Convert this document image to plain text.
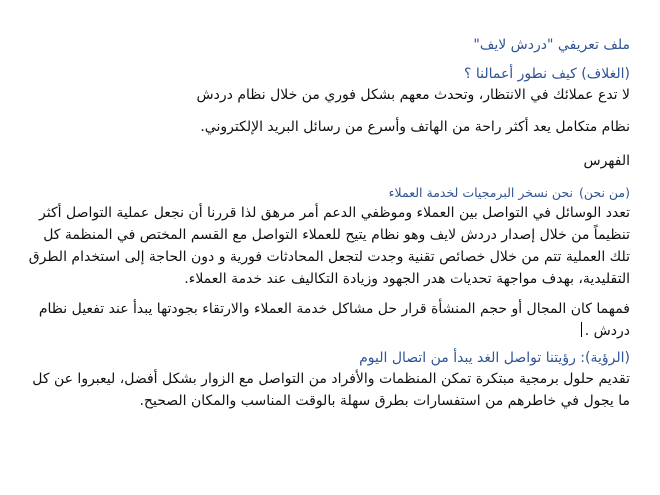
ملف تعريفي "دردش لايف"
(الغلاف) كيف نطور أعمالنا ؟
لا تدع عملائك في الانتظار، وتحدث معهم بشكل فوري من خلال نظام دردش
نظام متكامل يعد أكثر راحة من الهاتف وأسرع من رسائل البريد الإلكتروني.
الفهرس
(من نحن)نحن نسخر البرمجيات لخدمة العملاء
تعدد الوسائل في التواصل بين العملاء وموظفي الدعم أمر مرهق لذا قررنا أن نجعل عملية التواصل أكثر تنظيماً من خلال إصدار دردش لايف وهو نظام يتيح للعملاء التواصل مع القسم المختص في المنظمة كل تلك العملية تتم من خلال خصائص تقنية وجدت لتجعل المحادثات فورية و دون الحاجة إلى استخدام الطرق التقليدية، بهدف مواجهة تحديات هدر الجهود وزيادة التكاليف عند خدمة العملاء.
فمهما كان المجال أو حجم المنشأة قرار حل مشاكل خدمة العملاء والارتقاء بجودتها يبدأ عند تفعيل نظام دردش .
(الرؤية): رؤيتنا تواصل الغد يبدأ من اتصال اليوم
تقديم حلول برمجية مبتكرة تمكن المنظمات والأفراد من التواصل مع الزوار بشكل أفضل، ليعبروا عن كل ما يجول في خاطرهم من استفسارات بطرق سهلة بالوقت المناسب والمكان الصحيح.
